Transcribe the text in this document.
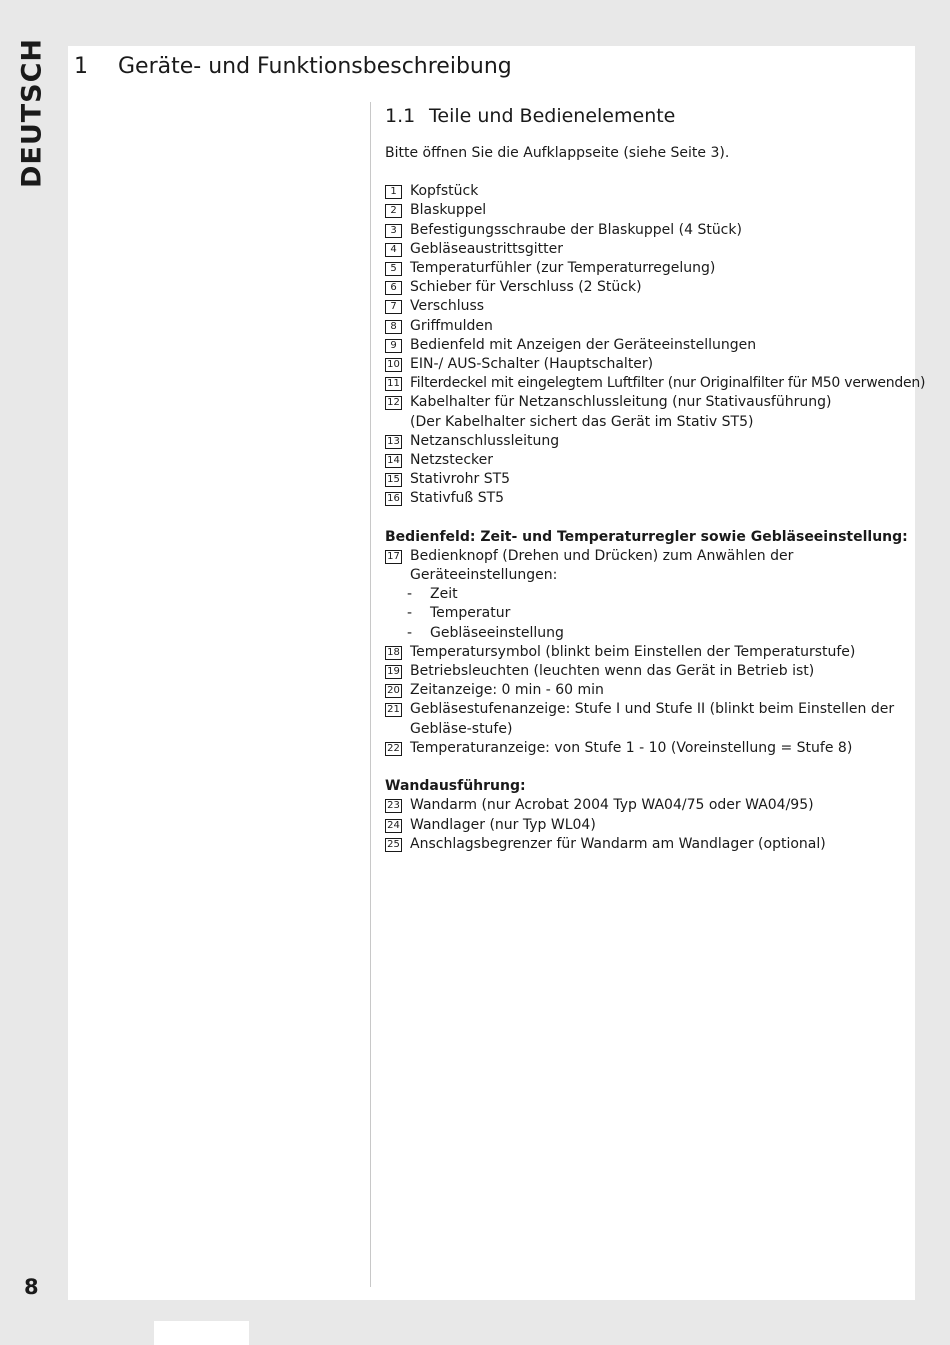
DEUTSCH 1 Geräte- und Funktionsbeschreibung
1.1 Teile und Bedienelemente
Bitte öffnen Sie die Aufklappseite (siehe Seite 3).
1 Kopfstück
2 Blaskuppel
3 Befestigungsschraube der Blaskuppel (4 Stück)
4 Gebläseaustrittsgitter
5 Temperaturfühler (zur Temperaturregelung)
6 Schieber für Verschluss (2 Stück)
7 Verschluss
8 Griffmulden
9 Bedienfeld mit Anzeigen der Geräteeinstellungen
10 EIN-/ AUS-Schalter (Hauptschalter)
11 Filterdeckel mit eingelegtem Luftfilter (nur Originalfilter für M50 verwenden)
12 Kabelhalter für Netzanschlussleitung (nur Stativausführung)
(Der Kabelhalter sichert das Gerät im Stativ ST5)
13 Netzanschlussleitung
14 Netzstecker
15 Stativrohr ST5
16 Stativfuß ST5
Bedienfeld: Zeit- und Temperaturregler sowie Gebläseeinstellung:
17 Bedienknopf (Drehen und Drücken) zum Anwählen der Geräteeinstellungen:
- Zeit
- Temperatur
- Gebläseeinstellung
18 Temperatursymbol (blinkt beim Einstellen der Temperaturstufe)
19 Betriebsleuchten (leuchten wenn das Gerät in Betrieb ist)
20 Zeitanzeige: 0 min - 60 min
21 Gebläsestufenanzeige: Stufe I und Stufe II (blinkt beim Einstellen der Gebläse-stufe)
22 Temperaturanzeige: von Stufe 1 - 10 (Voreinstellung = Stufe 8)
Wandausführung:
23 Wandarm (nur Acrobat 2004 Typ WA04/75 oder WA04/95)
24 Wandlager (nur Typ WL04)
25 Anschlagsbegrenzer für Wandarm am Wandlager (optional)
8
